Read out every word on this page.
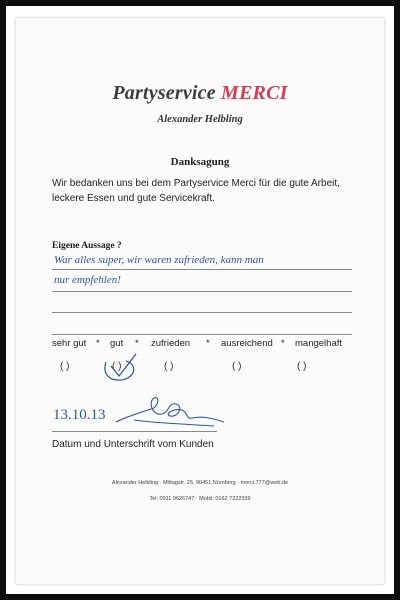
Partyservice MERCI
Alexander Helbling
Danksagung
Wir bedanken uns bei dem Partyservice Merci für die gute Arbeit, leckere Essen und gute Servicekraft.
Eigene Aussage ?
War alles super, wir waren zufrieden, kann man
nur empfehlen!
sehr gut * gut * zufrieden * ausreichend * mangelhaft
( )	( )	( )	( )	( )
13.10.13
Datum und Unterschrift vom Kunden
Alexander Helbling · Mittagstr. 25, 90451 Nürnberg · merci.777@web.de
Tel: 0911 9626747 · Mobil: 0162 7222339
